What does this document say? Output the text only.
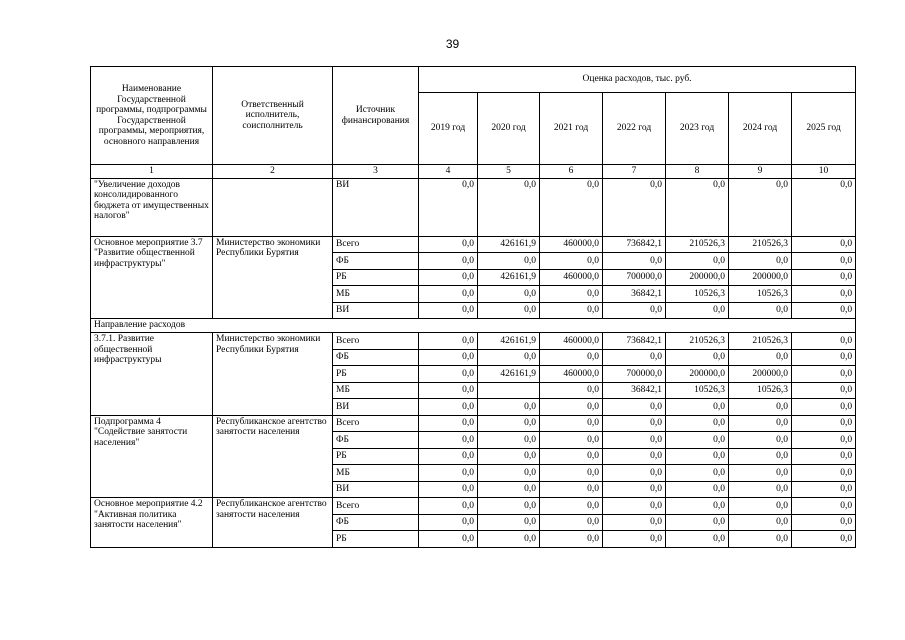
39
Наименование Государственной программы, подпрограммы Государственной программы, мероприятия, основного направления	Ответственный исполнитель, соисполнитель	Источник финансирования	Оценка расходов, тыс. руб.						
			2019 год	2020 год	2021 год	2022 год	2023 год	2024 год	2025 год
1	2	3	4	5	6	7	8	9	10
"Увеличение доходов консолидированного бюджета от имущественных налогов"		ВИ	0,0	0,0	0,0	0,0	0,0	0,0	0,0
Основное мероприятие 3.7 "Развитие общественной инфраструктуры"	Министерство экономики Республики Бурятия	Всего	0,0	426161,9	460000,0	736842,1	210526,3	210526,3	0,0
		ФБ	0,0	0,0	0,0	0,0	0,0	0,0	0,0
		РБ	0,0	426161,9	460000,0	700000,0	200000,0	200000,0	0,0
		МБ	0,0	0,0	0,0	36842,1	10526,3	10526,3	0,0
		ВИ	0,0	0,0	0,0	0,0	0,0	0,0	0,0
Направление расходов									
3.7.1. Развитие общественной инфраструктуры	Министерство экономики Республики Бурятия	Всего	0,0	426161,9	460000,0	736842,1	210526,3	210526,3	0,0
		ФБ	0,0	0,0	0,0	0,0	0,0	0,0	0,0
		РБ	0,0	426161,9	460000,0	700000,0	200000,0	200000,0	0,0
		МБ	0,0		0,0	36842,1	10526,3	10526,3	0,0
		ВИ	0,0	0,0	0,0	0,0	0,0	0,0	0,0
Подпрограмма 4 "Содействие занятости населения"	Республиканское агентство занятости населения	Всего	0,0	0,0	0,0	0,0	0,0	0,0	0,0
		ФБ	0,0	0,0	0,0	0,0	0,0	0,0	0,0
		РБ	0,0	0,0	0,0	0,0	0,0	0,0	0,0
		МБ	0,0	0,0	0,0	0,0	0,0	0,0	0,0
		ВИ	0,0	0,0	0,0	0,0	0,0	0,0	0,0
Основное мероприятие 4.2 "Активная политика занятости населения"	Республиканское агентство занятости населения	Всего	0,0	0,0	0,0	0,0	0,0	0,0	0,0
		ФБ	0,0	0,0	0,0	0,0	0,0	0,0	0,0
		РБ	0,0	0,0	0,0	0,0	0,0	0,0	0,0
